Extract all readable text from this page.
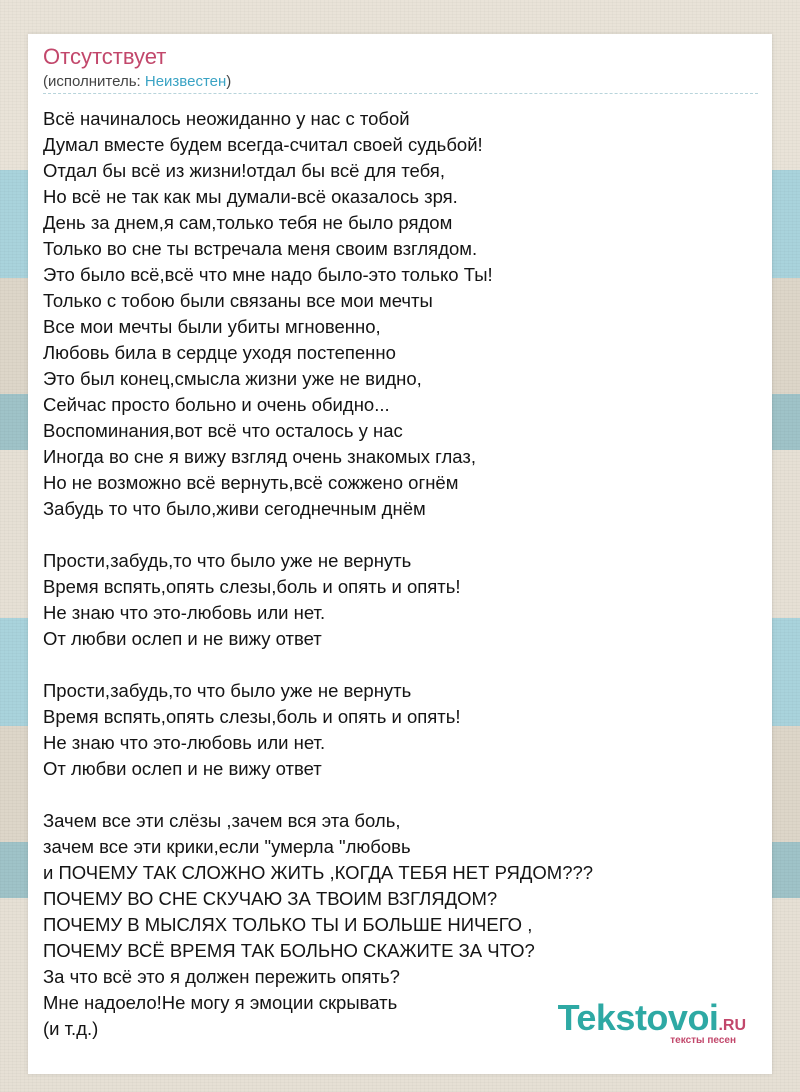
Отсутствует
(исполнитель: Неизвестен)
Всё начиналось неожиданно у нас с тобой
Думал вместе будем всегда-считал своей судьбой!
Отдал бы всё из жизни!отдал бы всё для тебя,
Но всё не так как мы думали-всё оказалось зря.
День за днем,я сам,только тебя не было рядом
Только во сне ты встречала меня своим взглядом.
Это было всё,всё что мне надо было-это только Ты!
Только с тобою были связаны все мои мечты
Все мои мечты были убиты мгновенно,
Любовь била в сердце уходя постепенно
Это был конец,смысла жизни уже не видно,
Сейчас просто больно и очень обидно...
Воспоминания,вот всё что осталось у нас
Иногда во сне я вижу взгляд очень знакомых глаз,
Но не возможно всё вернуть,всё сожжено огнём
Забудь то что было,живи сегоднечным днём
Прости,забудь,то что было уже не вернуть
Время вспять,опять слезы,боль и опять и опять!
Не знаю что это-любовь или нет.
От любви ослеп и не вижу ответ
Прости,забудь,то что было уже не вернуть
Время вспять,опять слезы,боль и опять и опять!
Не знаю что это-любовь или нет.
От любви ослеп и не вижу ответ
Зачем все эти слёзы ,зачем вся эта боль,
зачем все эти крики,если "умерла "любовь
и ПОЧЕМУ ТАК СЛОЖНО ЖИТЬ ,КОГДА ТЕБЯ НЕТ РЯДОМ???
ПОЧЕМУ ВО СНЕ СКУЧАЮ ЗА ТВОИМ ВЗГЛЯДОМ?
ПОЧЕМУ В МЫСЛЯХ ТОЛЬКО ТЫ И БОЛЬШЕ НИЧЕГО ,
ПОЧЕМУ ВСЁ ВРЕМЯ ТАК БОЛЬНО СКАЖИТЕ ЗА ЧТО?
За что всё это я должен пережить опять?
Мне надоело!Не могу я эмоции скрывать
(и т.д.)	Tekstovoi.RU
тексты песен
